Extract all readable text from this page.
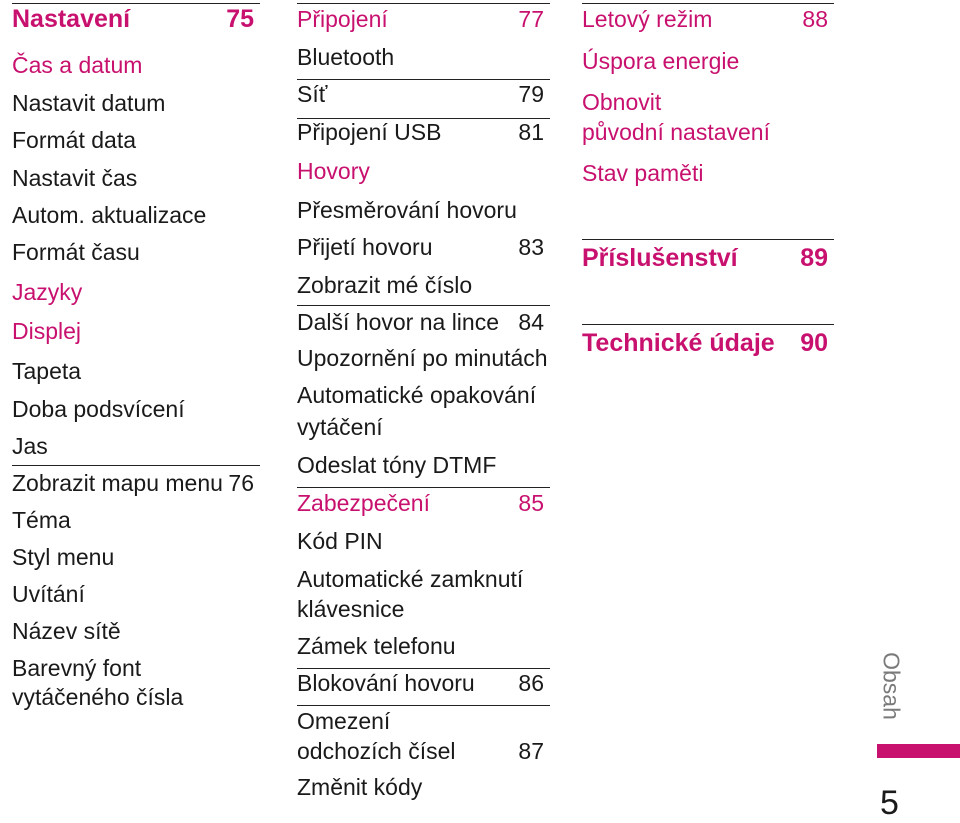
Nastavení	75
Čas a datum
Nastavit datum
Formát data
Nastavit čas
Autom. aktualizace
Formát času
Jazyky
Displej
Tapeta
Doba podsvícení
Jas
Zobrazit mapu menu 76
Téma
Styl menu
Uvítání
Název sítě
Barevný font
vytáčeného čísla
Připojení	77
Bluetooth
Síť	79
Připojení USB	81
Hovory
Přesměrování hovoru
Přijetí hovoru	83
Zobrazit mé číslo
Další hovor na lince 84
Upozornění po minutách
Automatické opakování
vytáčení
Odeslat tóny DTMF
Zabezpečení	85
Kód PIN
Automatické zamknutí
klávesnice
Zámek telefonu
Blokování hovoru 86
Omezení
odchozích čísel	87
Změnit kódy
Letový režim	88
Úspora energie
Obnovit
původní nastavení
Stav paměti
Příslušenství	89
Technické údaje 90
Obsah
5
